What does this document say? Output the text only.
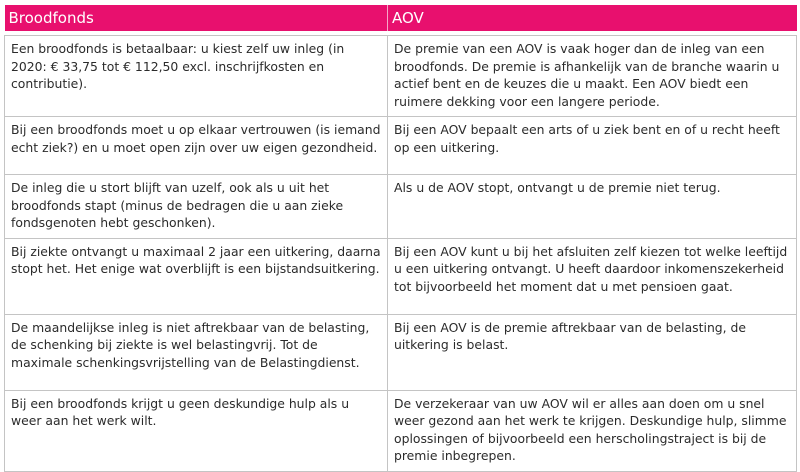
Broodfonds	AOV

Een broodfonds is betaalbaar: u kiest zelf uw inleg (in 2020: € 33,75 tot € 112,50 excl. inschrijfkosten en contributie).	De premie van een AOV is vaak hoger dan de inleg van een broodfonds. De premie is afhankelijk van de branche waarin u actief bent en de keuzes die u maakt. Een AOV biedt een ruimere dekking voor een langere periode.
Bij een broodfonds moet u op elkaar vertrouwen (is iemand echt ziek?) en u moet open zijn over uw eigen gezondheid.	Bij een AOV bepaalt een arts of u ziek bent en of u recht heeft op een uitkering.
De inleg die u stort blijft van uzelf, ook als u uit het broodfonds stapt (minus de bedragen die u aan zieke fondsgenoten hebt geschonken).	Als u de AOV stopt, ontvangt u de premie niet terug.
Bij ziekte ontvangt u maximaal 2 jaar een uitkering, daarna stopt het. Het enige wat overblijft is een bijstandsuitkering.	Bij een AOV kunt u bij het afsluiten zelf kiezen tot welke leeftijd u een uitkering ontvangt. U heeft daardoor inkomenszekerheid tot bijvoorbeeld het moment dat u met pensioen gaat.
De maandelijkse inleg is niet aftrekbaar van de belasting, de schenking bij ziekte is wel belastingvrij. Tot de maximale schenkingsvrijstelling van de Belastingdienst.	Bij een AOV is de premie aftrekbaar van de belasting, de uitkering is belast.
Bij een broodfonds krijgt u geen deskundige hulp als u weer aan het werk wilt.	De verzekeraar van uw AOV wil er alles aan doen om u snel weer gezond aan het werk te krijgen. Deskundige hulp, slimme oplossingen of bijvoorbeeld een herscholingstraject is bij de premie inbegrepen.
